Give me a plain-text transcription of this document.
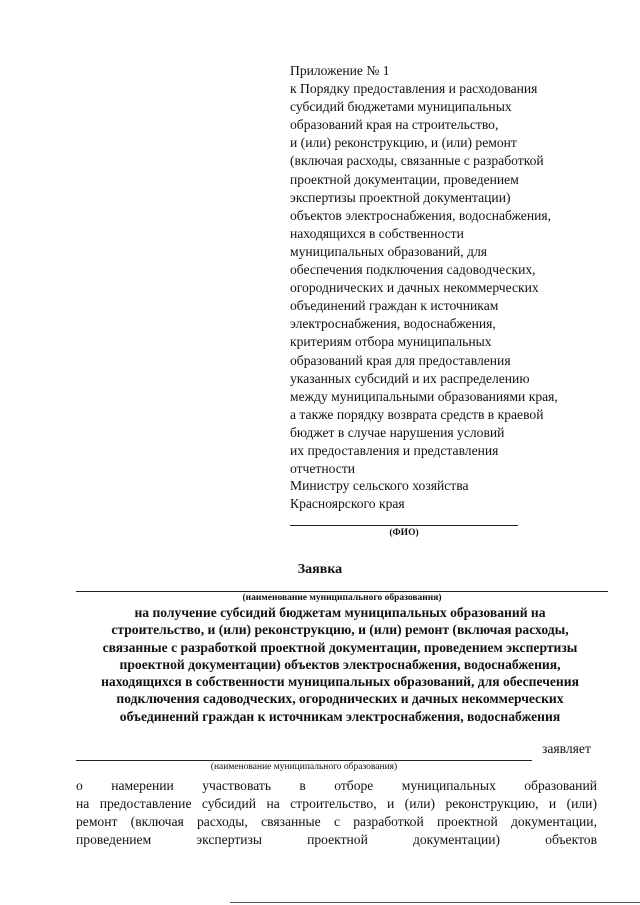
Приложение № 1
к Порядку предоставления и расходования
субсидий бюджетами муниципальных
образований края на строительство,
и (или) реконструкцию, и (или) ремонт
(включая расходы, связанные с разработкой
проектной документации, проведением
экспертизы проектной документации)
объектов электроснабжения, водоснабжения,
находящихся в собственности
муниципальных образований, для
обеспечения подключения садоводческих,
огороднических и дачных некоммерческих
объединений граждан к источникам
электроснабжения, водоснабжения,
критериям отбора муниципальных
образований края для предоставления
указанных субсидий и их распределению
между муниципальными образованиями края,
а также порядку возврата средств в краевой
бюджет в случае нарушения условий
их предоставления и представления
отчетности
Министру сельского хозяйства
Красноярского края
(ФИО)
Заявка
(наименование муниципального образования)
на получение субсидий бюджетам муниципальных образований на
строительство, и (или) реконструкцию, и (или) ремонт (включая расходы,
связанные с разработкой проектной документации, проведением экспертизы
проектной документации) объектов электроснабжения, водоснабжения,
находящихся в собственности муниципальных образований, для обеспечения
подключения садоводческих, огороднических и дачных некоммерческих
объединений граждан к источникам электроснабжения, водоснабжения
заявляет
(наименование муниципального образования)
о намерении участвовать в отборе муниципальных образований
на предоставление субсидий на строительство, и (или) реконструкцию, и (или)
ремонт (включая расходы, связанные с разработкой проектной документации,
проведением экспертизы проектной документации) объектов
